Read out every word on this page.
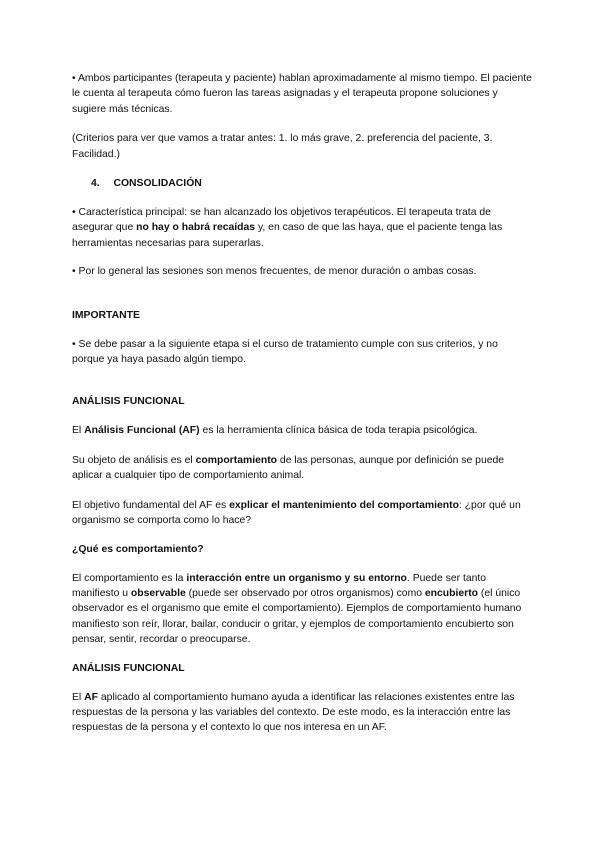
• Ambos participantes (terapeuta y paciente) hablan aproximadamente al mismo tiempo. El paciente le cuenta al terapeuta cómo fueron las tareas asignadas y el terapeuta propone soluciones y sugiere más técnicas.

(Criterios para ver que vamos a tratar antes: 1. lo más grave, 2. preferencia del paciente, 3. Facilidad.)

4. CONSOLIDACIÓN

• Característica principal: se han alcanzado los objetivos terapéuticos. El terapeuta trata de asegurar que no hay o habrá recaídas y, en caso de que las haya, que el paciente tenga las herramientas necesarias para superarlas.

• Por lo general las sesiones son menos frecuentes, de menor duración o ambas cosas.

IMPORTANTE

• Se debe pasar a la siguiente etapa si el curso de tratamiento cumple con sus criterios, y no porque ya haya pasado algún tiempo.

ANÁLISIS FUNCIONAL

El Análisis Funcional (AF) es la herramienta clínica básica de toda terapia psicológica.

Su objeto de análisis es el comportamiento de las personas, aunque por definición se puede aplicar a cualquier tipo de comportamiento animal.

El objetivo fundamental del AF es explicar el mantenimiento del comportamiento: ¿por qué un organismo se comporta como lo hace?

¿Qué es comportamiento?

El comportamiento es la interacción entre un organismo y su entorno. Puede ser tanto manifiesto u observable (puede ser observado por otros organismos) como encubierto (el único observador es el organismo que emite el comportamiento). Ejemplos de comportamiento humano manifiesto son reír, llorar, bailar, conducir o gritar, y ejemplos de comportamiento encubierto son pensar, sentir, recordar o preocuparse.

ANÁLISIS FUNCIONAL

El AF aplicado al comportamiento humano ayuda a identificar las relaciones existentes entre las respuestas de la persona y las variables del contexto. De este modo, es la interacción entre las respuestas de la persona y el contexto lo que nos interesa en un AF.
